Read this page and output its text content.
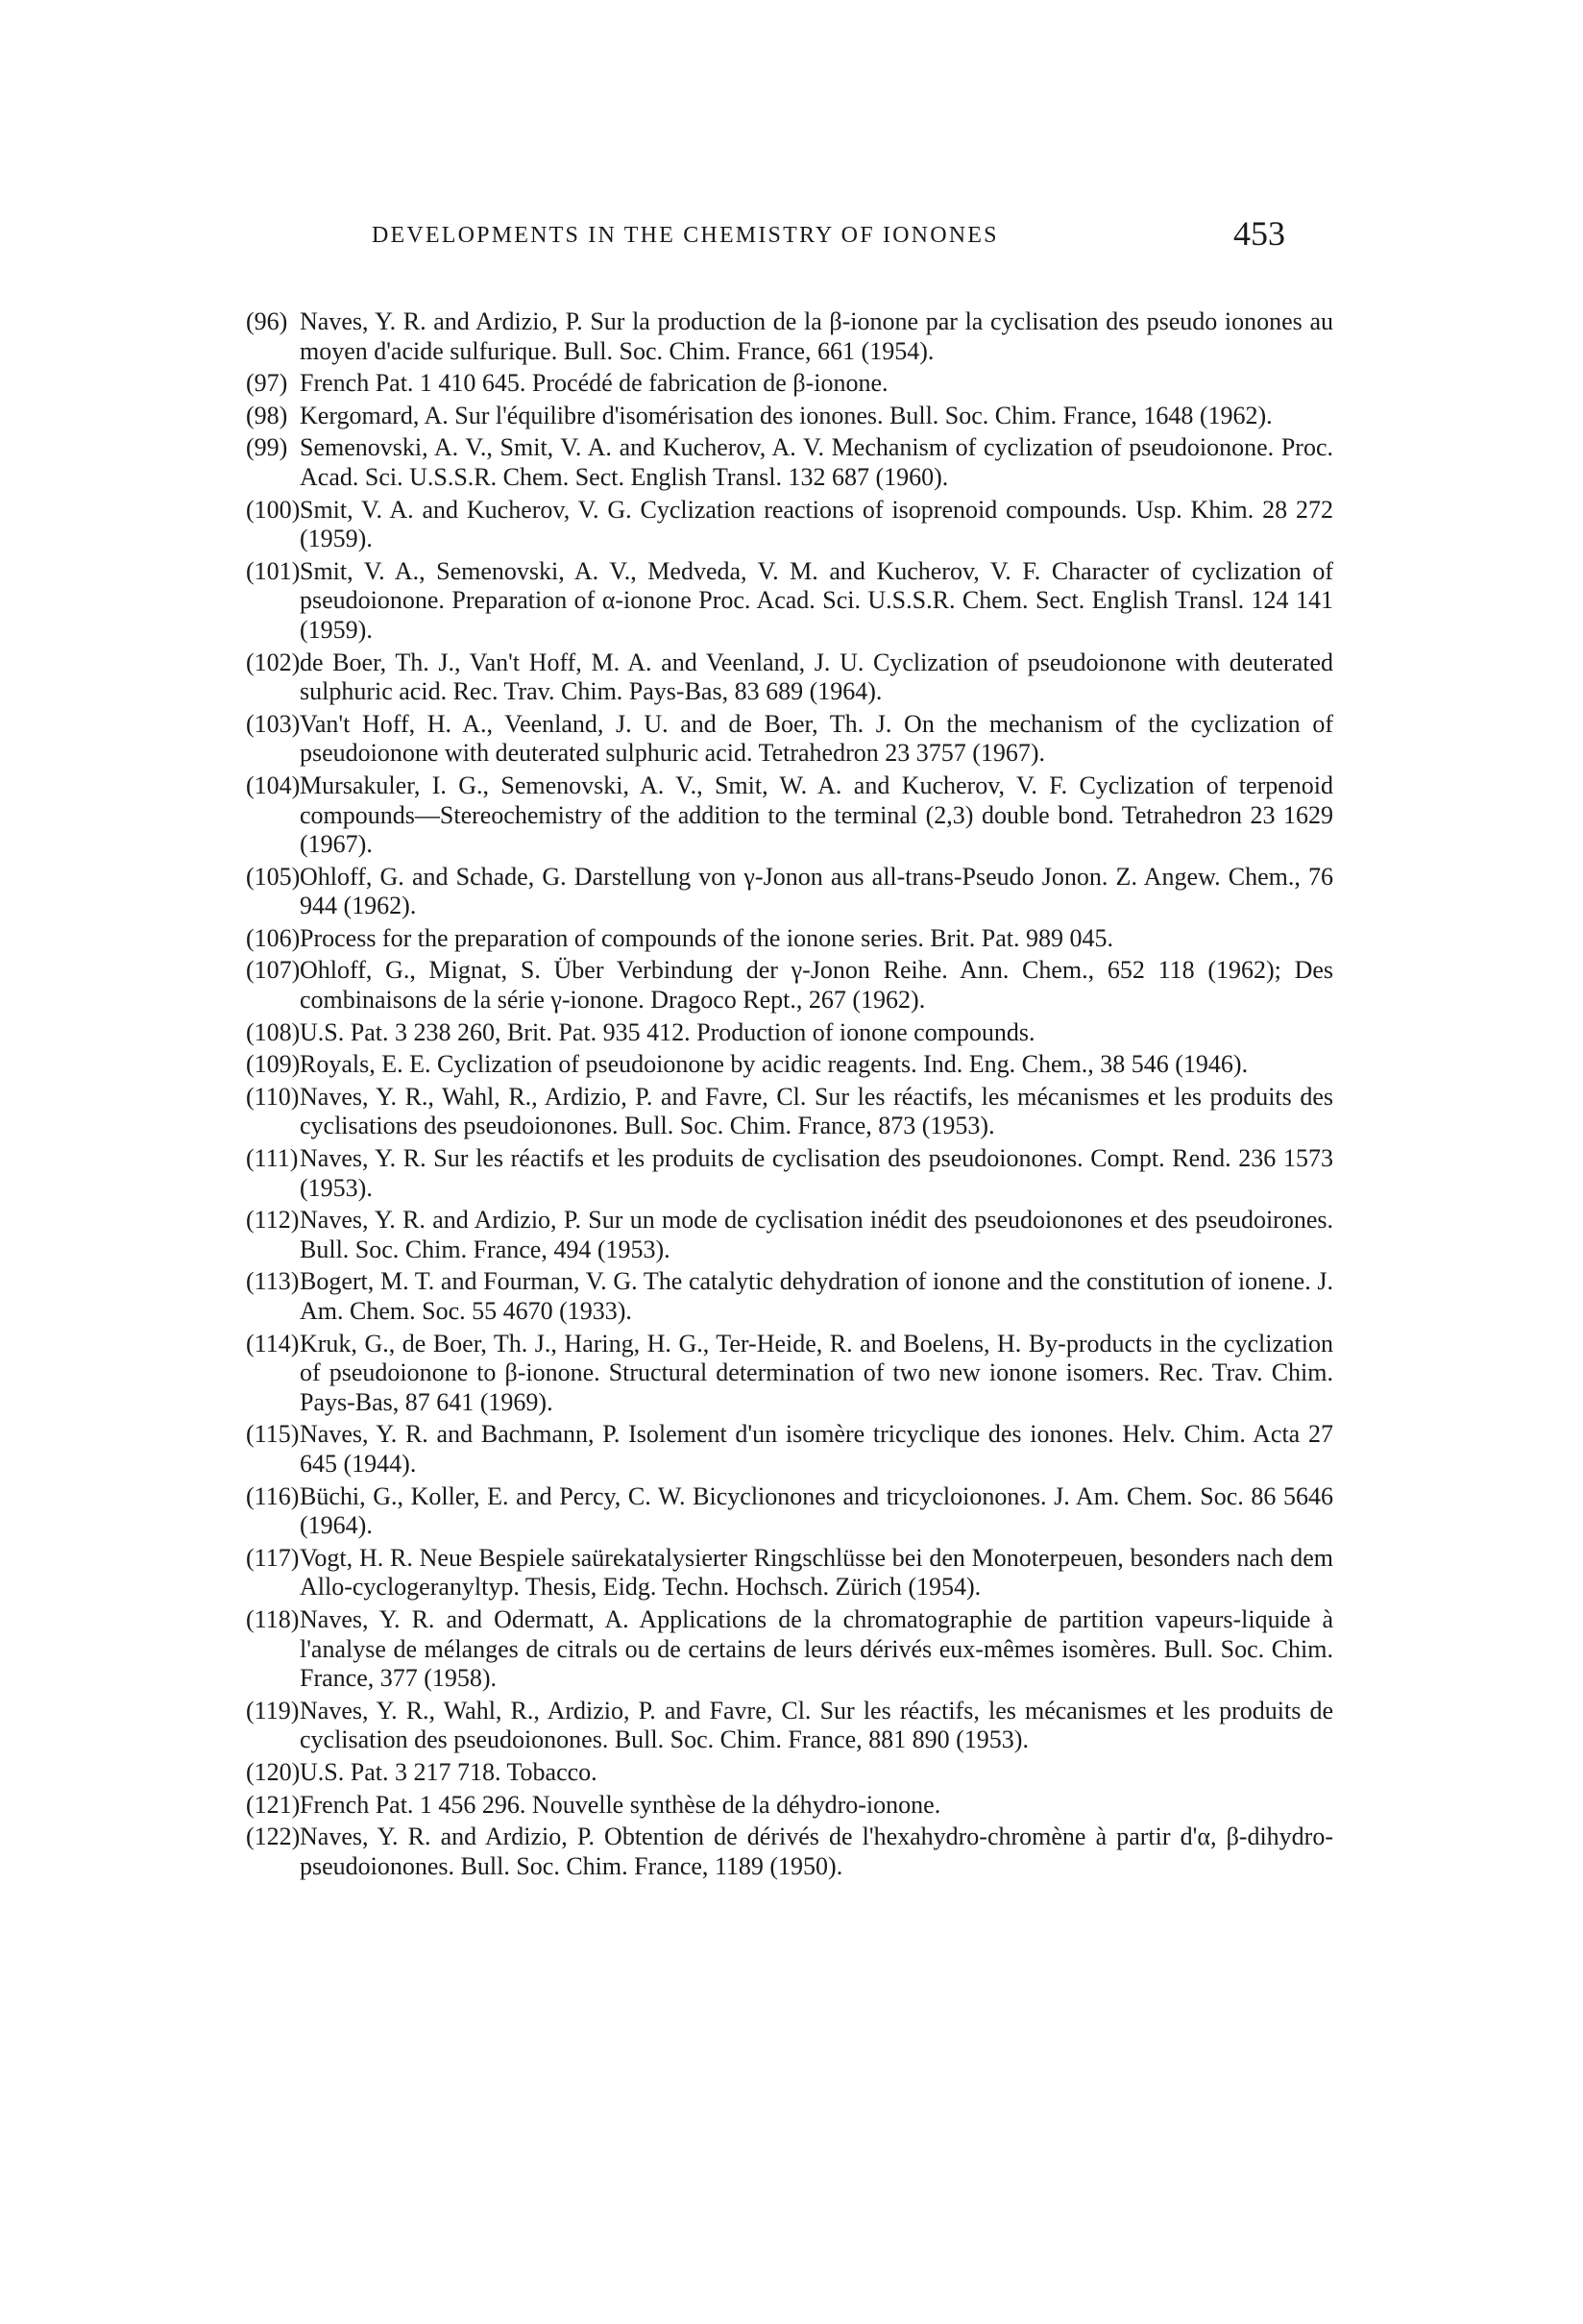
DEVELOPMENTS IN THE CHEMISTRY OF IONONES	453
(96) Naves, Y. R. and Ardizio, P. Sur la production de la β-ionone par la cyclisation des pseudo ionones au moyen d'acide sulfurique. Bull. Soc. Chim. France, 661 (1954).
(97) French Pat. 1 410 645. Procédé de fabrication de β-ionone.
(98) Kergomard, A. Sur l'équilibre d'isomérisation des ionones. Bull. Soc. Chim. France, 1648 (1962).
(99) Semenovski, A. V., Smit, V. A. and Kucherov, A. V. Mechanism of cyclization of pseudoionone. Proc. Acad. Sci. U.S.S.R. Chem. Sect. English Transl. 132 687 (1960).
(100) Smit, V. A. and Kucherov, V. G. Cyclization reactions of isoprenoid compounds. Usp. Khim. 28 272 (1959).
(101) Smit, V. A., Semenovski, A. V., Medveda, V. M. and Kucherov, V. F. Character of cyclization of pseudoionone. Preparation of α-ionone Proc. Acad. Sci. U.S.S.R. Chem. Sect. English Transl. 124 141 (1959).
(102) de Boer, Th. J., Van't Hoff, M. A. and Veenland, J. U. Cyclization of pseudoionone with deuterated sulphuric acid. Rec. Trav. Chim. Pays-Bas, 83 689 (1964).
(103) Van't Hoff, H. A., Veenland, J. U. and de Boer, Th. J. On the mechanism of the cyclization of pseudoionone with deuterated sulphuric acid. Tetrahedron 23 3757 (1967).
(104) Mursakuler, I. G., Semenovski, A. V., Smit, W. A. and Kucherov, V. F. Cyclization of terpenoid compounds—Stereochemistry of the addition to the terminal (2,3) double bond. Tetrahedron 23 1629 (1967).
(105) Ohloff, G. and Schade, G. Darstellung von γ-Jonon aus all-trans-Pseudo Jonon. Z. Angew. Chem., 76 944 (1962).
(106) Process for the preparation of compounds of the ionone series. Brit. Pat. 989 045.
(107) Ohloff, G., Mignat, S. Über Verbindung der γ-Jonon Reihe. Ann. Chem., 652 118 (1962); Des combinaisons de la série γ-ionone. Dragoco Rept., 267 (1962).
(108) U.S. Pat. 3 238 260, Brit. Pat. 935 412. Production of ionone compounds.
(109) Royals, E. E. Cyclization of pseudoionone by acidic reagents. Ind. Eng. Chem., 38 546 (1946).
(110) Naves, Y. R., Wahl, R., Ardizio, P. and Favre, Cl. Sur les réactifs, les mécanismes et les produits des cyclisations des pseudoionones. Bull. Soc. Chim. France, 873 (1953).
(111) Naves, Y. R. Sur les réactifs et les produits de cyclisation des pseudoionones. Compt. Rend. 236 1573 (1953).
(112) Naves, Y. R. and Ardizio, P. Sur un mode de cyclisation inédit des pseudoionones et des pseudoirones. Bull. Soc. Chim. France, 494 (1953).
(113) Bogert, M. T. and Fourman, V. G. The catalytic dehydration of ionone and the constitution of ionene. J. Am. Chem. Soc. 55 4670 (1933).
(114) Kruk, G., de Boer, Th. J., Haring, H. G., Ter-Heide, R. and Boelens, H. By-products in the cyclization of pseudoionone to β-ionone. Structural determination of two new ionone isomers. Rec. Trav. Chim. Pays-Bas, 87 641 (1969).
(115) Naves, Y. R. and Bachmann, P. Isolement d'un isomère tricyclique des ionones. Helv. Chim. Acta 27 645 (1944).
(116) Büchi, G., Koller, E. and Percy, C. W. Bicyclionones and tricycloionones. J. Am. Chem. Soc. 86 5646 (1964).
(117) Vogt, H. R. Neue Bespiele saürekatalysierter Ringschlüsse bei den Monoterpeuen, besonders nach dem Allo-cyclogeranyltyp. Thesis, Eidg. Techn. Hochsch. Zürich (1954).
(118) Naves, Y. R. and Odermatt, A. Applications de la chromatographie de partition vapeurs-liquide à l'analyse de mélanges de citrals ou de certains de leurs dérivés eux-mêmes isomères. Bull. Soc. Chim. France, 377 (1958).
(119) Naves, Y. R., Wahl, R., Ardizio, P. and Favre, Cl. Sur les réactifs, les mécanismes et les produits de cyclisation des pseudoionones. Bull. Soc. Chim. France, 881 890 (1953).
(120) U.S. Pat. 3 217 718. Tobacco.
(121) French Pat. 1 456 296. Nouvelle synthèse de la déhydro-ionone.
(122) Naves, Y. R. and Ardizio, P. Obtention de dérivés de l'hexahydro-chromène à partir d'α, β-dihydro-pseudoionones. Bull. Soc. Chim. France, 1189 (1950).
